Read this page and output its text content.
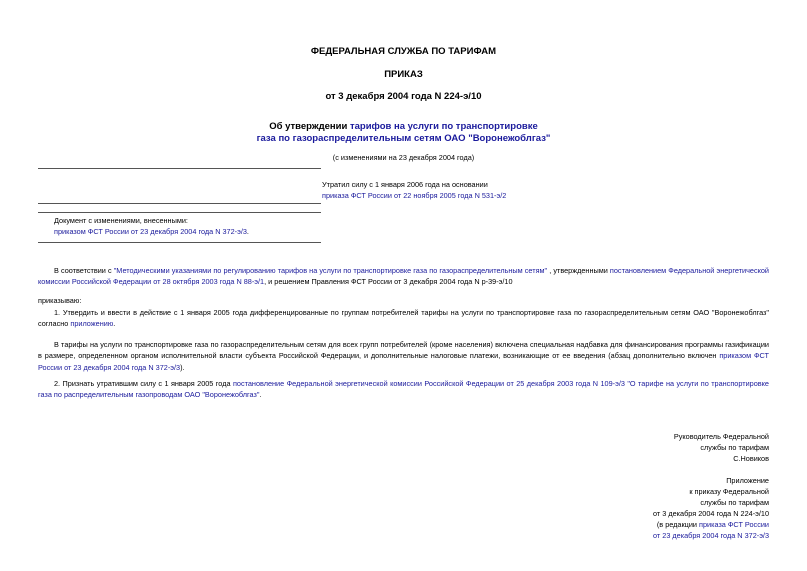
ФЕДЕРАЛЬНАЯ СЛУЖБА ПО ТАРИФАМ
ПРИКАЗ
от 3 декабря 2004 года N 224-э/10
Об утверждении тарифов на услуги по транспортировке
газа по газораспределительным сетям ОАО "Воронежоблгаз"
(с изменениями на 23 декабря 2004 года)
Утратил силу с 1 января 2006 года на основании
приказа ФСТ России от 22 ноября 2005 года N 531-э/2
Документ с изменениями, внесенными:
приказом ФСТ России от 23 декабря 2004 года N 372-э/3.
В соответствии с "Методическими указаниями по регулированию тарифов на услуги по транспортировке газа по газораспределительным сетям" , утвержденными постановлением Федеральной энергетической комиссии Российской Федерации от 28 октября 2003 года N 88-э/1, и решением Правления ФСТ России от 3 декабря 2004 года N р-39-э/10
приказываю:
1. Утвердить и ввести в действие с 1 января 2005 года дифференцированные по группам потребителей тарифы на услуги по транспортировке газа по газораспределительным сетям ОАО "Воронежоблгаз" согласно приложению.
В тарифы на услуги по транспортировке газа по газораспределительным сетям для всех групп потребителей (кроме населения) включена специальная надбавка для финансирования программы газификации в размере, определенном органом исполнительной власти субъекта Российской Федерации, и дополнительные налоговые платежи, возникающие от ее введения (абзац дополнительно включен приказом ФСТ России от 23 декабря 2004 года N 372-э/3).
2. Признать утратившим силу с 1 января 2005 года постановление Федеральной энергетической комиссии Российской Федерации от 25 декабря 2003 года N 109-э/3 "О тарифе на услуги по транспортировке газа по распределительным газопроводам ОАО "Воронежоблгаз".
Руководитель Федеральной
службы по тарифам
С.Новиков
Приложение
к приказу Федеральной
службы по тарифам
от 3 декабря 2004 года N 224-э/10
(в редакции приказа ФСТ России
от 23 декабря 2004 года N 372-э/3
